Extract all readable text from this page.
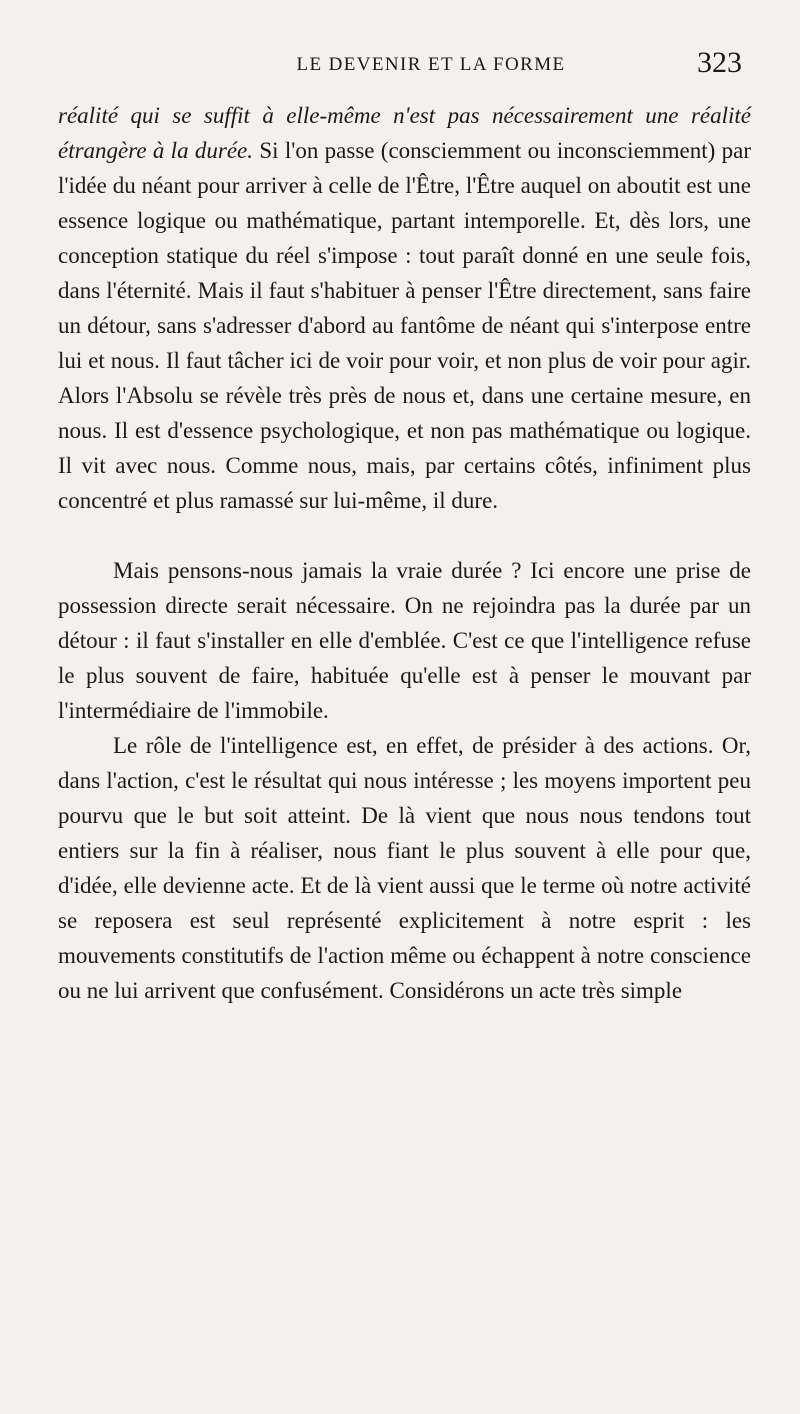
LE DEVENIR ET LA FORME	323

réalité qui se suffit à elle-même n'est pas nécessairement une réalité étrangère à la durée. Si l'on passe (consciemment ou inconsciemment) par l'idée du néant pour arriver à celle de l'Être, l'Être auquel on aboutit est une essence logique ou mathématique, partant intemporelle. Et, dès lors, une conception statique du réel s'impose : tout paraît donné en une seule fois, dans l'éternité. Mais il faut s'habituer à penser l'Être directement, sans faire un détour, sans s'adresser d'abord au fantôme de néant qui s'interpose entre lui et nous. Il faut tâcher ici de voir pour voir, et non plus de voir pour agir. Alors l'Absolu se révèle très près de nous et, dans une certaine mesure, en nous. Il est d'essence psychologique, et non pas mathématique ou logique. Il vit avec nous. Comme nous, mais, par certains côtés, infiniment plus concentré et plus ramassé sur lui-même, il dure.

Mais pensons-nous jamais la vraie durée ? Ici encore une prise de possession directe serait nécessaire. On ne rejoindra pas la durée par un détour : il faut s'installer en elle d'emblée. C'est ce que l'intelligence refuse le plus souvent de faire, habituée qu'elle est à penser le mouvant par l'intermédiaire de l'immobile.

Le rôle de l'intelligence est, en effet, de présider à des actions. Or, dans l'action, c'est le résultat qui nous intéresse ; les moyens importent peu pourvu que le but soit atteint. De là vient que nous nous tendons tout entiers sur la fin à réaliser, nous fiant le plus souvent à elle pour que, d'idée, elle devienne acte. Et de là vient aussi que le terme où notre activité se reposera est seul représenté explicitement à notre esprit : les mouvements constitutifs de l'action même ou échappent à notre conscience ou ne lui arrivent que confusément. Considérons un acte très simple
